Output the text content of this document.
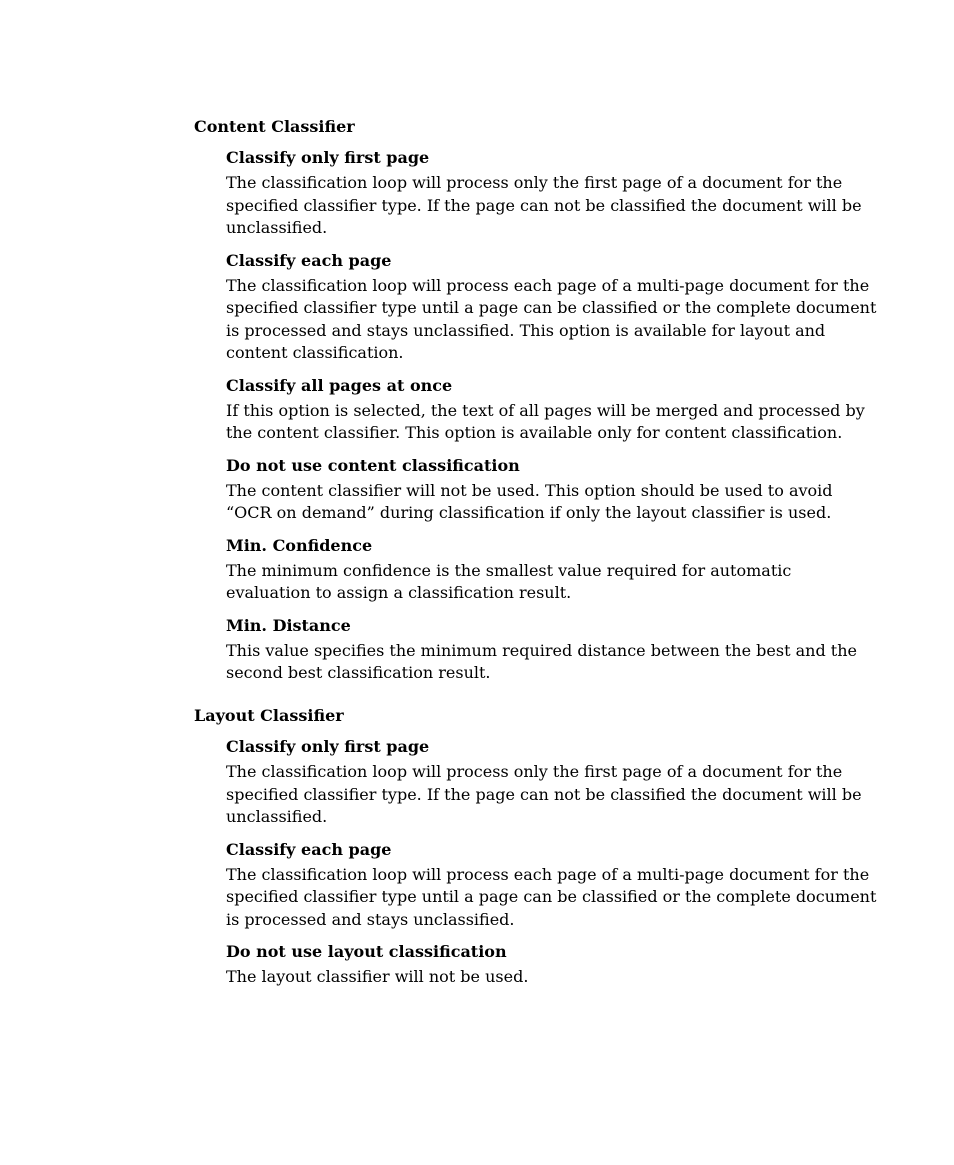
Content Classifier
Classify only first page

The classification loop will process only the first page of a document for the specified classifier type. If the page can not be classified the document will be unclassified.

Classify each page

The classification loop will process each page of a multi-page document for the specified classifier type until a page can be classified or the complete document is processed and stays unclassified. This option is available for layout and content classification.

Classify all pages at once

If this option is selected, the text of all pages will be merged and processed by the content classifier. This option is available only for content classification.

Do not use content classification

The content classifier will not be used. This option should be used to avoid “OCR on demand” during classification if only the layout classifier is used.

Min. Confidence

The minimum confidence is the smallest value required for automatic evaluation to assign a classification result.

Min. Distance

This value specifies the minimum required distance between the best and the second best classification result.

Layout Classifier
Classify only first page

The classification loop will process only the first page of a document for the specified classifier type. If the page can not be classified the document will be unclassified.

Classify each page

The classification loop will process each page of a multi-page document for the specified classifier type until a page can be classified or the complete document is processed and stays unclassified.

Do not use layout classification

The layout classifier will not be used.
